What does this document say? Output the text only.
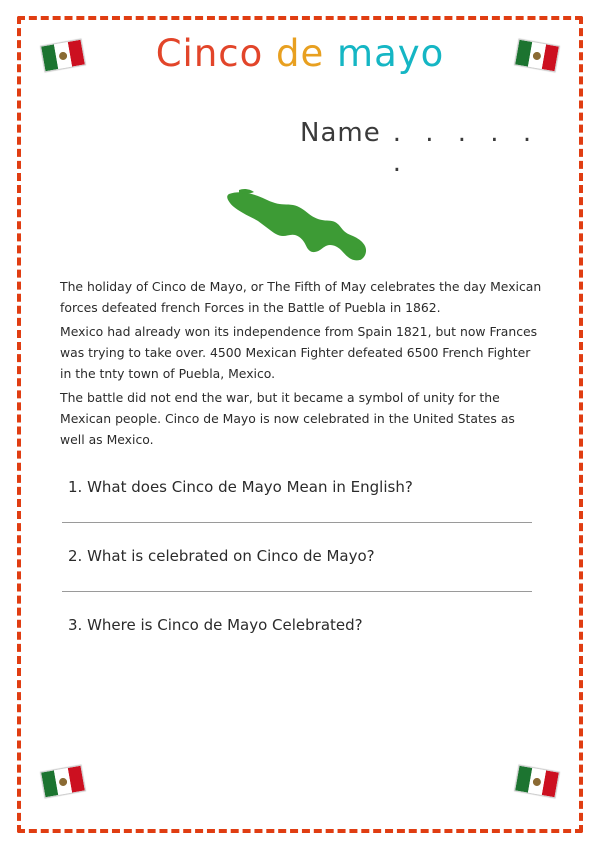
Cinco de mayo
Name . . . . . .

The holiday of Cinco de Mayo, or The Fifth of May celebrates the day Mexican forces defeated french Forces in the Battle of Puebla in 1862.

Mexico had already won its independence from Spain 1821, but now Frances was trying to take over. 4500 Mexican Fighter defeated 6500 French Fighter in the tnty town of Puebla, Mexico.

The battle did not end the war, but it became a symbol of unity for the Mexican people. Cinco de Mayo is now celebrated in the United States as well as Mexico.

1. What does Cinco de Mayo Mean in English?
2. What is celebrated on Cinco de Mayo?
3. Where is Cinco de Mayo Celebrated?
